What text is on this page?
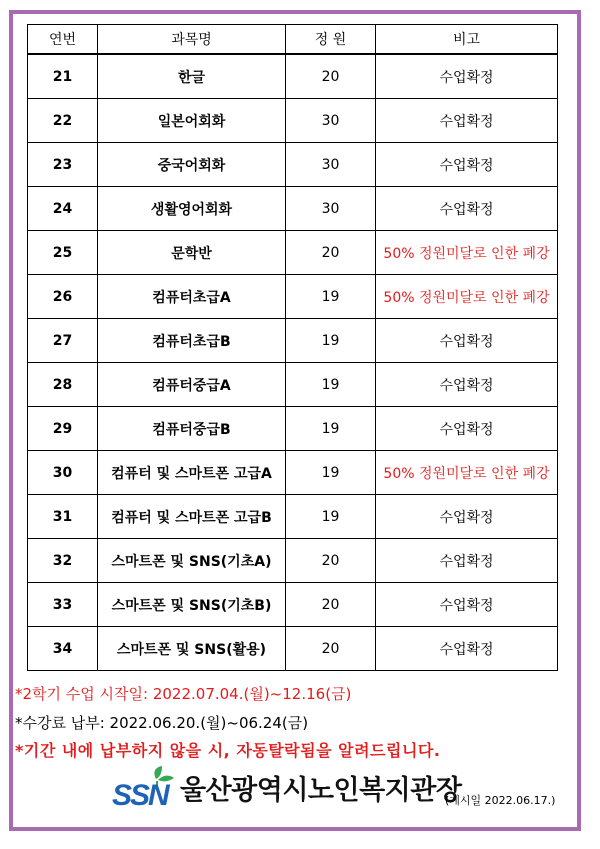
연번	과목명	정 원	비고
21	한글	20	수업확정
22	일본어회화	30	수업확정
23	중국어회화	30	수업확정
24	생활영어회화	30	수업확정
25	문학반	20	50% 정원미달로 인한 폐강
26	컴퓨터초급A	19	50% 정원미달로 인한 폐강
27	컴퓨터초급B	19	수업확정
28	컴퓨터중급A	19	수업확정
29	컴퓨터중급B	19	수업확정
30	컴퓨터 및 스마트폰 고급A	19	50% 정원미달로 인한 폐강
31	컴퓨터 및 스마트폰 고급B	19	수업확정
32	스마트폰 및 SNS(기초A)	20	수업확정
33	스마트폰 및 SNS(기초B)	20	수업확정
34	스마트폰 및 SNS(활용)	20	수업확정
*2학기 수업 시작일: 2022.07.04.(월)~12.16(금)
*수강료 납부: 2022.06.20.(월)~06.24(금)
*기간 내에 납부하지 않을 시, 자동탈락됨을 알려드립니다.
SSN 울산광역시노인복지관장
(게시일 2022.06.17.)
